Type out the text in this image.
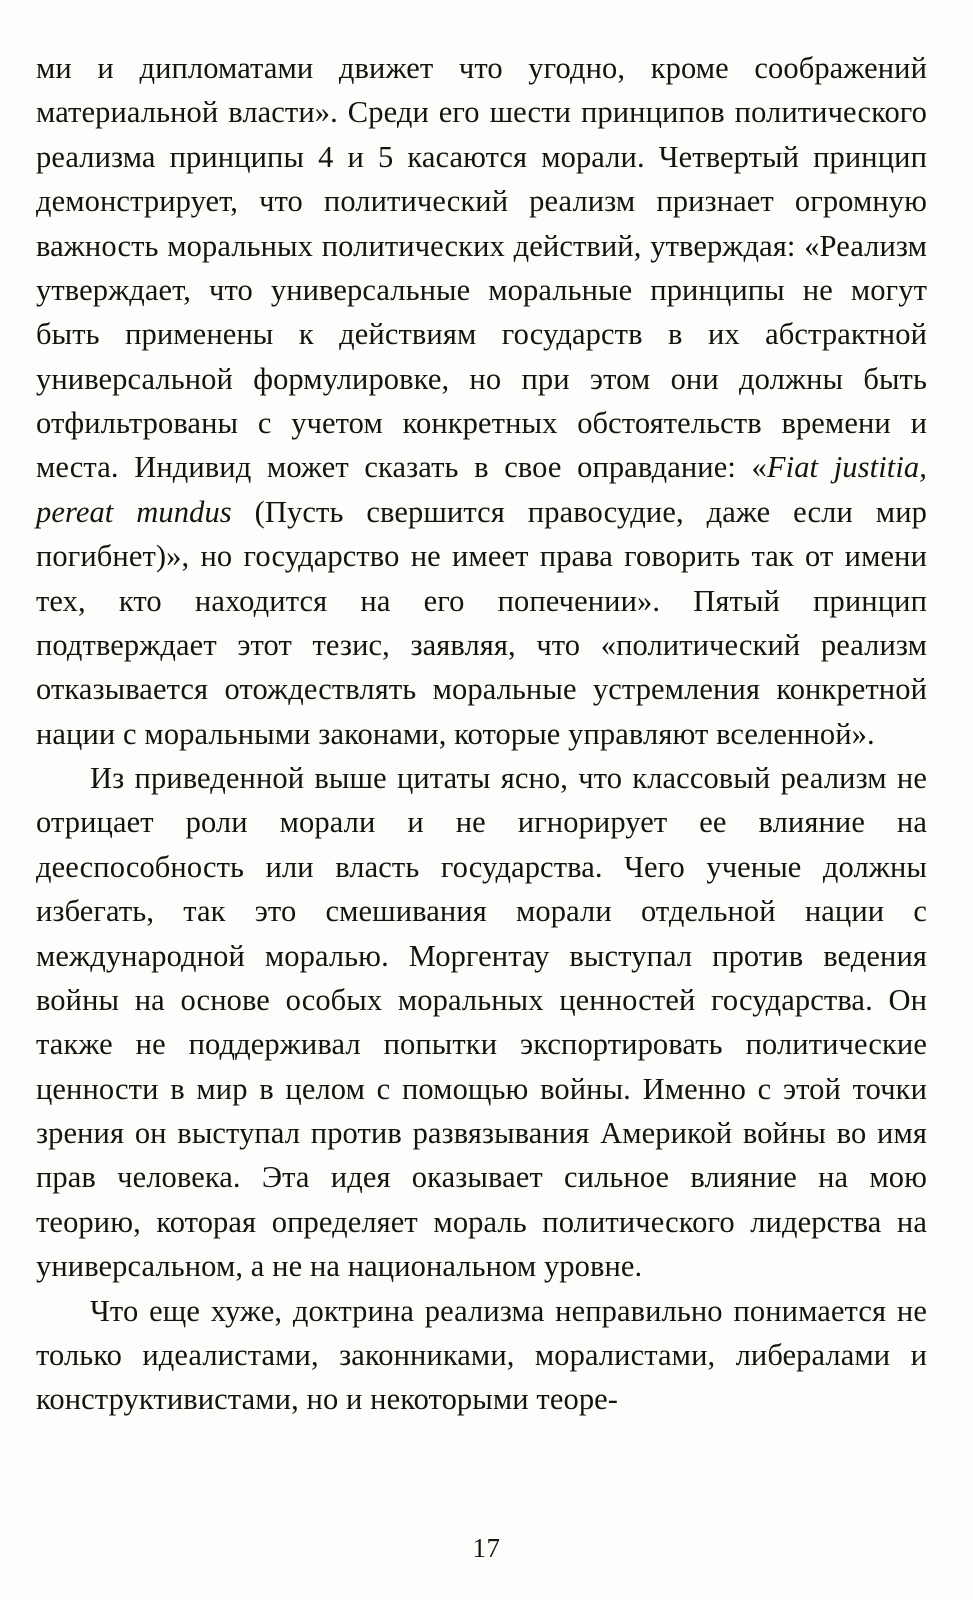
ми и дипломатами движет что угодно, кроме соображений материальной власти». Среди его шести принципов политического реализма принципы 4 и 5 касаются морали. Четвертый принцип демонстрирует, что политический реализм признает огромную важность моральных политических действий, утверждая: «Реализм утверждает, что универсальные моральные принципы не могут быть применены к действиям государств в их абстрактной универсальной формулировке, но при этом они должны быть отфильтрованы с учетом конкретных обстоятельств времени и места. Индивид может сказать в свое оправдание: «Fiat justitia, pereat mundus (Пусть свершится правосудие, даже если мир погибнет)», но государство не имеет права говорить так от имени тех, кто находится на его попечении». Пятый принцип подтверждает этот тезис, заявляя, что «политический реализм отказывается отождествлять моральные устремления конкретной нации с моральными законами, которые управляют вселенной».

Из приведенной выше цитаты ясно, что классовый реализм не отрицает роли морали и не игнорирует ее влияние на дееспособность или власть государства. Чего ученые должны избегать, так это смешивания морали отдельной нации с международной моралью. Моргентау выступал против ведения войны на основе особых моральных ценностей государства. Он также не поддерживал попытки экспортировать политические ценности в мир в целом с помощью войны. Именно с этой точки зрения он выступал против развязывания Америкой войны во имя прав человека. Эта идея оказывает сильное влияние на мою теорию, которая определяет мораль политического лидерства на универсальном, а не на национальном уровне.

Что еще хуже, доктрина реализма неправильно понимается не только идеалистами, законниками, моралистами, либералами и конструктивистами, но и некоторыми теоре-

17
